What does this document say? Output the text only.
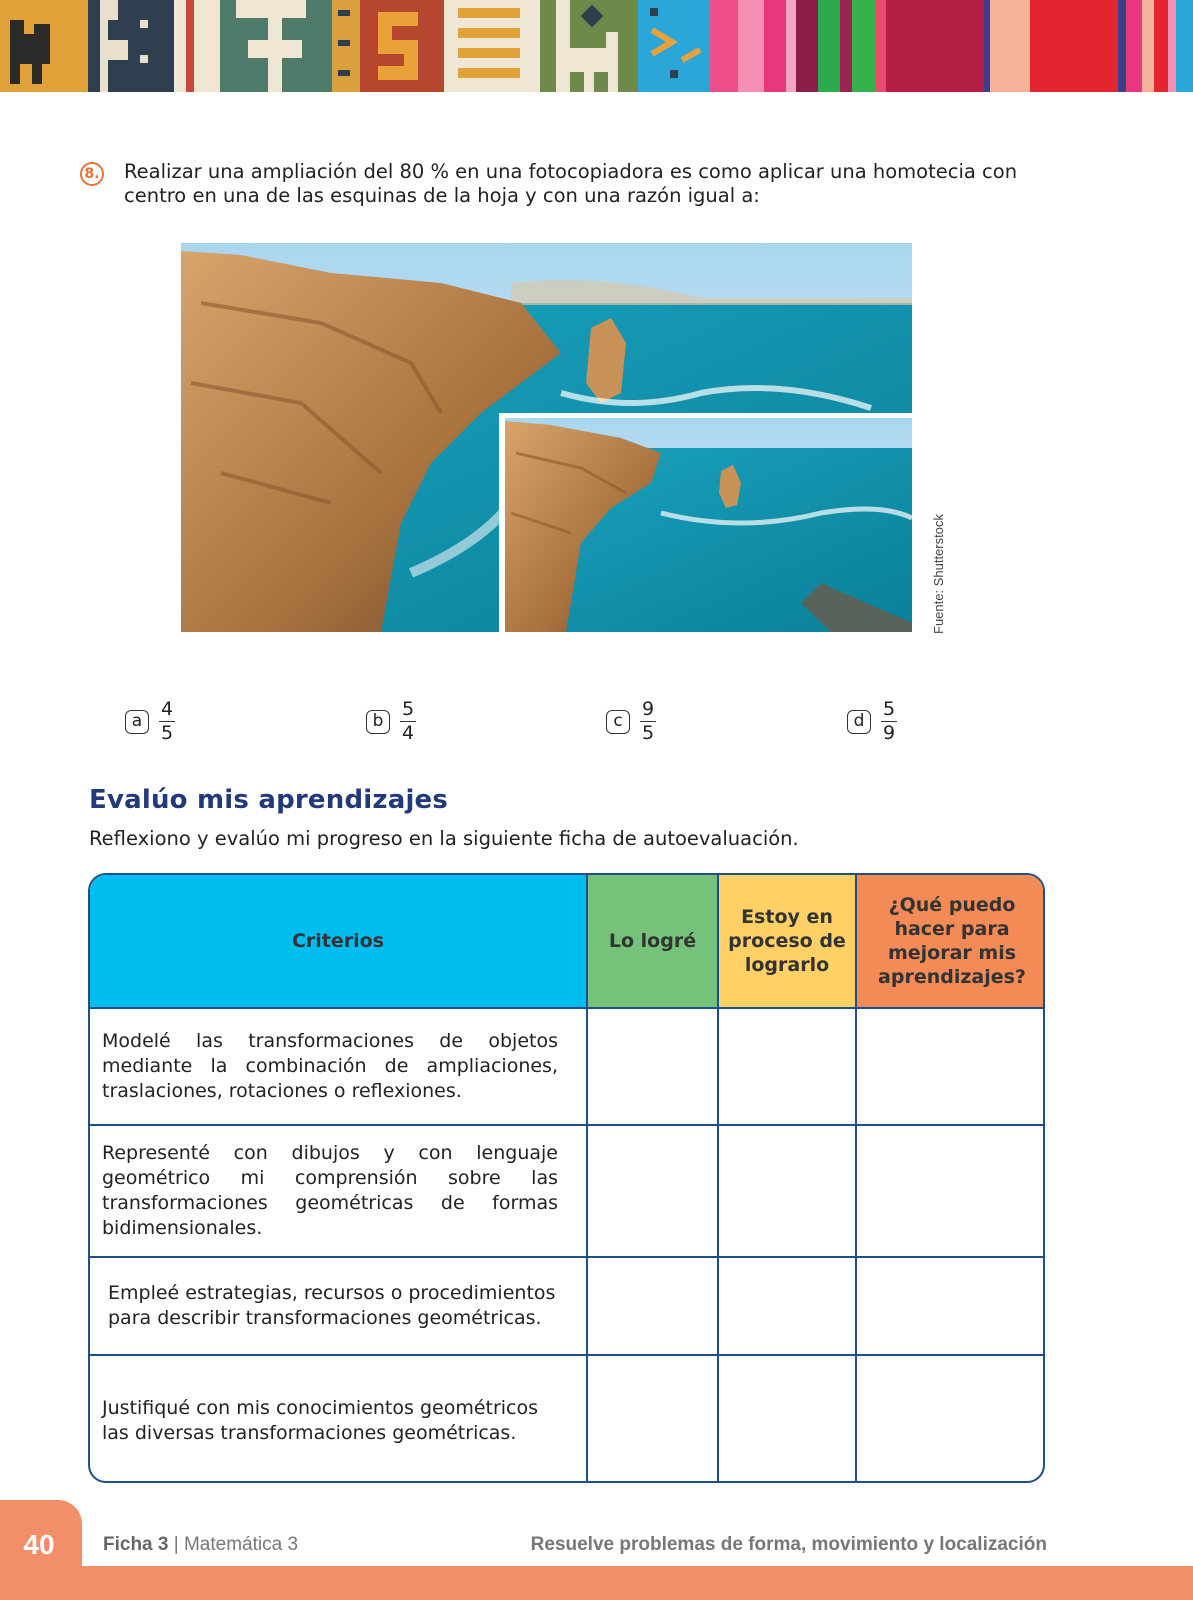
8. Realizar una ampliación del 80 % en una fotocopiadora es como aplicar una homotecia con centro en una de las esquinas de la hoja y con una razón igual a:
Fuente: Shutterstock
a $\frac{4}{5}$	b $\frac{5}{4}$	c $\frac{9}{5}$	d $\frac{5}{9}$
Evalúo mis aprendizajes
Reflexiono y evalúo mi progreso en la siguiente ficha de autoevaluación.
Criterios	Lo logré	Estoy en proceso de lograrlo	¿Qué puedo hacer para mejorar mis aprendizajes?
Modelé las transformaciones de objetos mediante la combinación de ampliaciones, traslaciones, rotaciones o reflexiones.			
Representé con dibujos y con lenguaje geométrico mi comprensión sobre las transformaciones geométricas de formas bidimensionales.			
Empleé estrategias, recursos o procedimientos para describir transformaciones geométricas.			
Justifiqué con mis conocimientos geométricos las diversas transformaciones geométricas.			
40	Ficha 3 | Matemática 3	Resuelve problemas de forma, movimiento y localización
